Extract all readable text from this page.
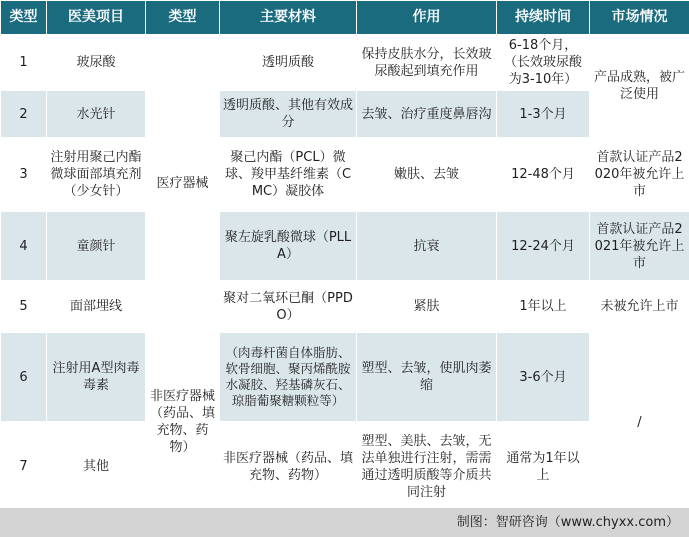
类型	医美项目	类型	主要材料	作用	持续时间	市场情况
1	玻尿酸	医疗器械	透明质酸	保持皮肤水分，长效玻尿酸起到填充作用	6-18个月，（长效玻尿酸为3-10年）	产品成熟，被广泛使用
2	水光针		透明质酸、其他有效成分	去皱、治疗重度鼻唇沟	1-3个月	
3	注射用聚己内酯微球面部填充剂（少女针）		聚己内酯（PCL）微球、羧甲基纤维素（CMC）凝胶体	嫩肤、去皱	12-48个月	首款认证产品2020年被允许上市
4	童颜针		聚左旋乳酸微球（PLLA）	抗衰	12-24个月	首款认证产品2021年被允许上市
5	面部埋线		聚对二氧环已酮（PPDO）	紧肤	1年以上	未被允许上市
6	注射用A型肉毒毒素	非医疗器械（药品、填充物、药物）	（肉毒杆菌自体脂肪、软骨细胞、聚丙烯酰胺水凝胶、羟基磷灰石、琼脂葡聚糖颗粒等）	塑型、去皱，使肌肉萎缩	3-6个月	/
7	其他		非医疗器械（药品、填充物、药物）	塑型、美肤、去皱，无法单独进行注射，需需通过透明质酸等介质共同注射	通常为1年以上	
制图：智研咨询（www.chyxx.com）
